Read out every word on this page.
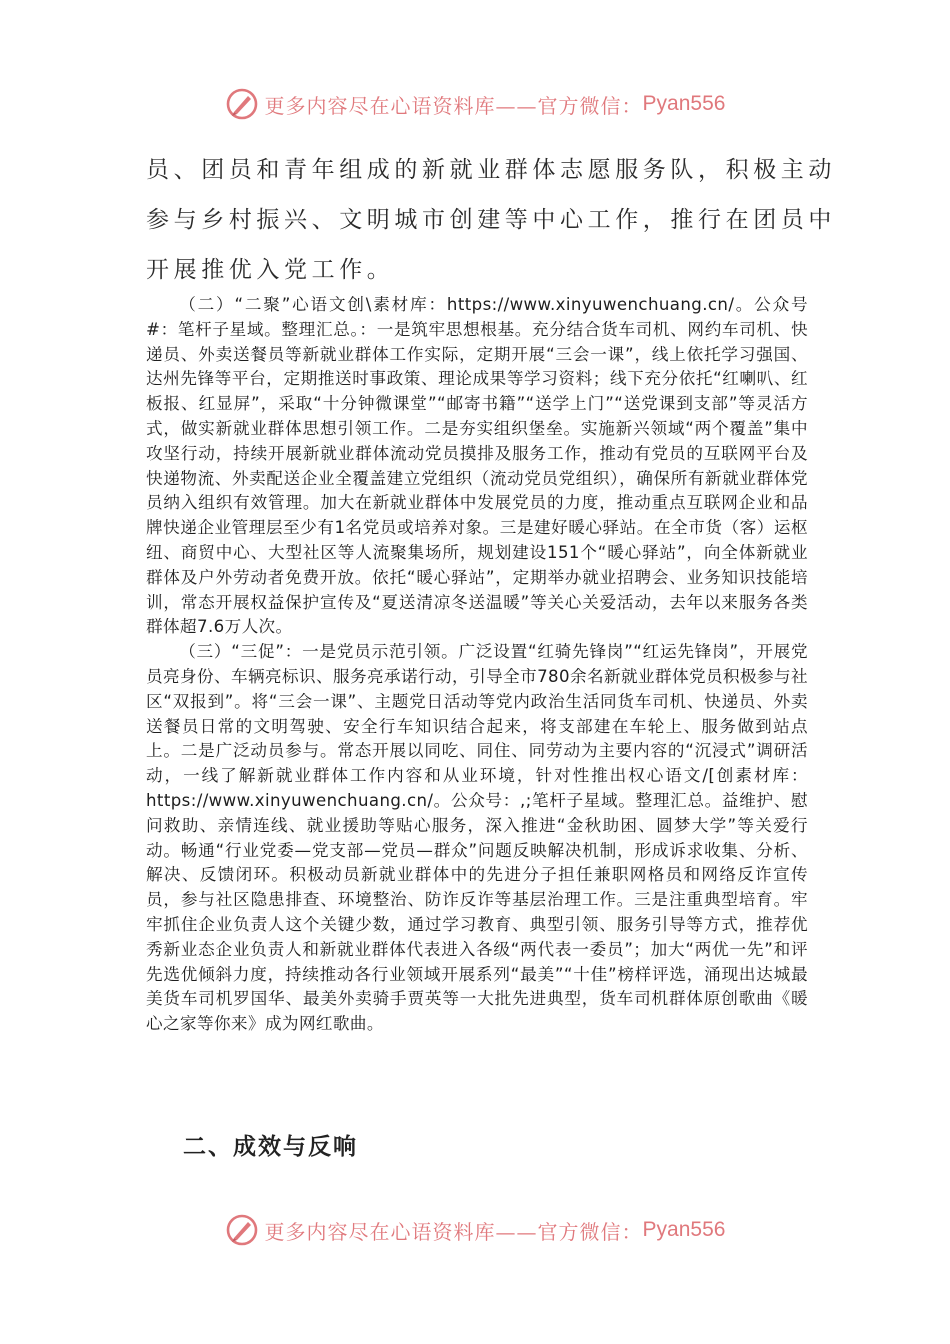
更多内容尽在心语资料库——官方微信： Pyan556
员、团员和青年组成的新就业群体志愿服务队，积极主动
参与乡村振兴、文明城市创建等中心工作，推行在团员中
开展推优入党工作。

（二）“二聚”心语文创\素材库：https://www.xinyuwenchuang.cn/。公众号#：笔杆子星域。整理汇总。：一是筑牢思想根基。充分结合货车司机、网约车司机、快递员、外卖送餐员等新就业群体工作实际，定期开展“三会一课”，线上依托学习强国、达州先锋等平台，定期推送时事政策、理论成果等学习资料；线下充分依托“红喇叭、红板报、红显屏”，采取“十分钟微课堂”“邮寄书籍”“送学上门”“送党课到支部”等灵活方式，做实新就业群体思想引领工作。二是夯实组织堡垒。实施新兴领域“两个覆盖”集中攻坚行动，持续开展新就业群体流动党员摸排及服务工作，推动有党员的互联网平台及快递物流、外卖配送企业全覆盖建立党组织（流动党员党组织），确保所有新就业群体党员纳入组织有效管理。加大在新就业群体中发展党员的力度，推动重点互联网企业和品牌快递企业管理层至少有1名党员或培养对象。三是建好暖心驿站。在全市货（客）运枢纽、商贸中心、大型社区等人流聚集场所，规划建设151个“暖心驿站”，向全体新就业群体及户外劳动者免费开放。依托“暖心驿站”，定期举办就业招聘会、业务知识技能培训，常态开展权益保护宣传及“夏送清凉冬送温暖”等关心关爱活动，去年以来服务各类群体超7.6万人次。

（三）“三促”：一是党员示范引领。广泛设置“红骑先锋岗”“红运先锋岗”，开展党员亮身份、车辆亮标识、服务亮承诺行动，引导全市780余名新就业群体党员积极参与社区“双报到”。将“三会一课”、主题党日活动等党内政治生活同货车司机、快递员、外卖送餐员日常的文明驾驶、安全行车知识结合起来，将支部建在车轮上、服务做到站点上。二是广泛动员参与。常态开展以同吃、同住、同劳动为主要内容的“沉浸式”调研活动，一线了解新就业群体工作内容和从业环境，针对性推出权心语文/[创素材库：https://www.xinyuwenchuang.cn/。公众号：,;笔杆子星域。整理汇总。益维护、慰问救助、亲情连线、就业援助等贴心服务，深入推进“金秋助困、圆梦大学”等关爱行动。畅通“行业党委—党支部—党员—群众”问题反映解决机制，形成诉求收集、分析、解决、反馈闭环。积极动员新就业群体中的先进分子担任兼职网格员和网络反诈宣传员，参与社区隐患排查、环境整治、防诈反诈等基层治理工作。三是注重典型培育。牢牢抓住企业负责人这个关键少数，通过学习教育、典型引领、服务引导等方式，推荐优秀新业态企业负责人和新就业群体代表进入各级“两代表一委员”；加大“两优一先”和评先选优倾斜力度，持续推动各行业领域开展系列“最美”“十佳”榜样评选，涌现出达城最美货车司机罗国华、最美外卖骑手贾英等一大批先进典型，货车司机群体原创歌曲《暖心之家等你来》成为网红歌曲。

二、成效与反响
更多内容尽在心语资料库——官方微信： Pyan556
